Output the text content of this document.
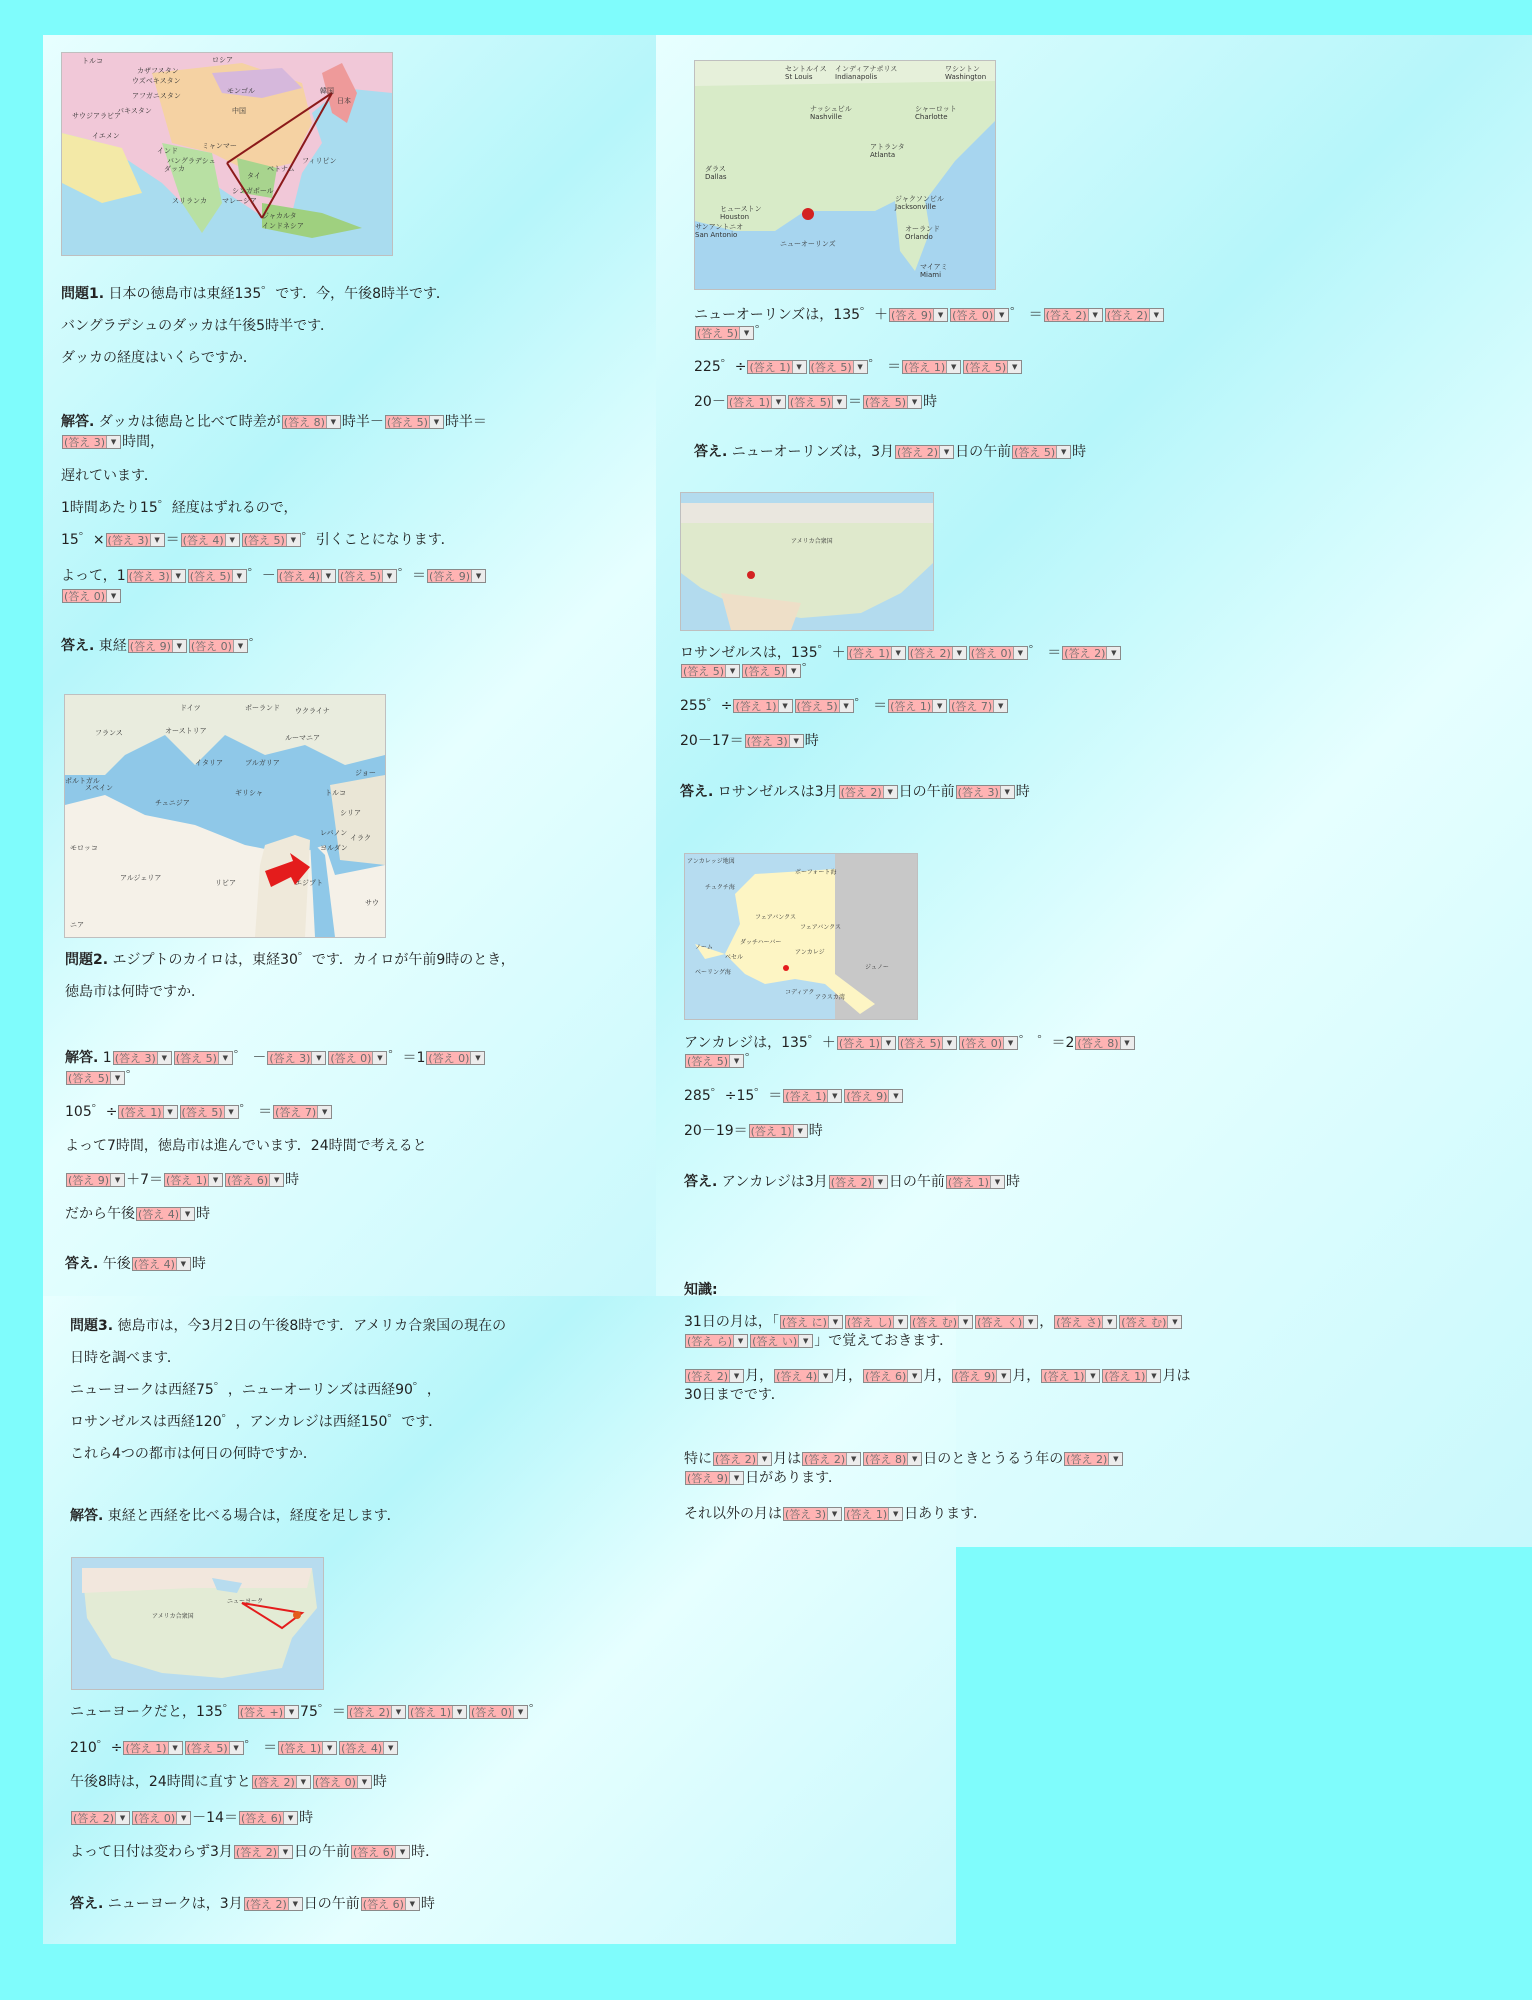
ロシア
カザフスタン
モンゴル
中国
インド
バングラデシュ
ダッカ	ベトナム
タイ
フィリピン
インドネシア
韓国
日本
スリランカ
ジャカルタ
ウズベキスタン
トルコ
サウジアラビア
イエメン
アフガニスタン
パキスタン
ミャンマー
マレーシア
シンガポール
問題1. 日本の徳島市は東経135゜です．今，午後8時半です．
バングラデシュのダッカは午後5時半です．
ダッカの経度はいくらですか．
解答. ダッカは徳島と比べて時差が (答え 8) ▼ 時半－ (答え 5) ▼ 時半＝
(答え 3) ▼ 時間，
遅れています．
1時間あたり15゜経度はずれるので，
15゜× (答え 3) ▼ ＝ (答え 4) ▼ (答え 5) ▼ ゜引くことになります．
よって，1 (答え 3) ▼ (答え 5) ▼ ゜－ (答え 4) ▼ (答え 5) ▼ ゜＝ (答え 9) ▼
(答え 0) ▼
答え. 東経 (答え 9) ▼ (答え 0) ▼ ゜
ドイツ	ポーランド ウクライナ
フランス	オーストリア
ルーマニア
イタリア	ブルガリア
スペイン
ギリシャ	トルコ
チュニジア
モロッコ
アルジェリア
リビア	エジプト
シリア
イラク
レバノン
ヨルダン
サウ
ニア
ポルトガル
ジョー
問題2. エジプトのカイロは，東経30゜です．カイロが午前9時のとき，
徳島市は何時ですか．
解答. 1 (答え 3) ▼ (答え 5) ▼ ゜ － (答え 3) ▼ (答え 0) ▼ ゜＝1 (答え 0) ▼
(答え 5) ▼ ゜
105゜÷ (答え 1) ▼ (答え 5) ▼ ゜ ＝ (答え 7) ▼
よって7時間，徳島市は進んでいます．24時間で考えると
(答え 9) ▼ ＋7＝ (答え 1) ▼ (答え 6) ▼ 時
だから午後 (答え 4) ▼ 時
答え. 午後 (答え 4) ▼ 時
問題3. 徳島市は，今3月2日の午後8時です．アメリカ合衆国の現在の
日時を調べます．
ニューヨークは西経75゜，ニューオーリンズは西経90゜，
ロサンゼルスは西経120゜，アンカレジは西経150゜です．
これら4つの都市は何日の何時ですか．
解答. 東経と西経を比べる場合は，経度を足します．
アメリカ合衆国
ニューヨーク
ニューヨークだと，135゜ (答え +) ▼ 75゜＝ (答え 2) ▼ (答え 1) ▼ (答え 0) ▼ ゜
210゜÷ (答え 1) ▼ (答え 5) ▼ ゜ ＝ (答え 1) ▼ (答え 4) ▼
午後8時は，24時間に直すと (答え 2) ▼ (答え 0) ▼ 時
(答え 2) ▼ (答え 0) ▼ －14＝ (答え 6) ▼ 時
よって日付は変わらず3月 (答え 2) ▼ 日の午前 (答え 6) ▼ 時．
答え. ニューヨークは，3月 (答え 2) ▼ 日の午前 (答え 6) ▼ 時
セントルイス
St Louis
インディアナポリス
Indianapolis
ワシントン
Washington
ナッシュビル
Nashville
シャーロット
Charlotte
アトランタ
Atlanta
ダラス
Dallas
ヒューストン
Houston
サンアントニオ
San Antonio
ジャクソンビル
Jacksonville
オーランド
Orlando
マイアミ
Miami
ニューオーリンズ
ニューオーリンズは，135゜＋ (答え 9) ▼ (答え 0) ▼ ゜ ＝ (答え 2) ▼ (答え 2) ▼
(答え 5) ▼ ゜
225゜÷ (答え 1) ▼ (答え 5) ▼ ゜ ＝ (答え 1) ▼ (答え 5) ▼
20－ (答え 1) ▼ (答え 5) ▼ ＝ (答え 5) ▼ 時
答え. ニューオーリンズは，3月 (答え 2) ▼ 日の午前 (答え 5) ▼ 時
アメリカ合衆国
ロサンゼルスは，135゜＋ (答え 1) ▼ (答え 2) ▼ (答え 0) ▼ ゜ ＝ (答え 2) ▼
(答え 5) ▼ (答え 5) ▼ ゜
255゜÷ (答え 1) ▼ (答え 5) ▼ ゜ ＝ (答え 1) ▼ (答え 7) ▼
20－17＝ (答え 3) ▼ 時
答え. ロサンゼルスは3月 (答え 2) ▼ 日の午前 (答え 3) ▼ 時
アンカレッジ地図
チュクチ海
ボーフォート海
フェアバンクス
アンカレジ
ジュノー
アラスカ湾
ベーリング海
フェアバンクス
ノーム
ベセル
コディアク
ダッチハーバー
アンカレジは，135゜＋ (答え 1) ▼ (答え 5) ▼ (答え 0) ▼ ゜ ゜＝2 (答え 8) ▼
(答え 5) ▼ ゜
285゜÷15゜＝ (答え 1) ▼ (答え 9) ▼
20－19＝ (答え 1) ▼ 時
答え. アンカレジは3月 (答え 2) ▼ 日の午前 (答え 1) ▼ 時
知識:
31日の月は，「 (答え に) ▼ (答え し) ▼ (答え む) ▼ (答え く) ▼ ， (答え さ) ▼ (答え む) ▼
(答え ら) ▼ (答え い) ▼ 」で覚えておきます．
(答え 2) ▼ 月， (答え 4) ▼ 月， (答え 6) ▼ 月， (答え 9) ▼ 月， (答え 1) ▼ (答え 1) ▼ 月は
30日までです．
特に (答え 2) ▼ 月は (答え 2) ▼ (答え 8) ▼ 日のときとうるう年の (答え 2) ▼
(答え 9) ▼ 日があります．
それ以外の月は (答え 3) ▼ (答え 1) ▼ 日あります．
